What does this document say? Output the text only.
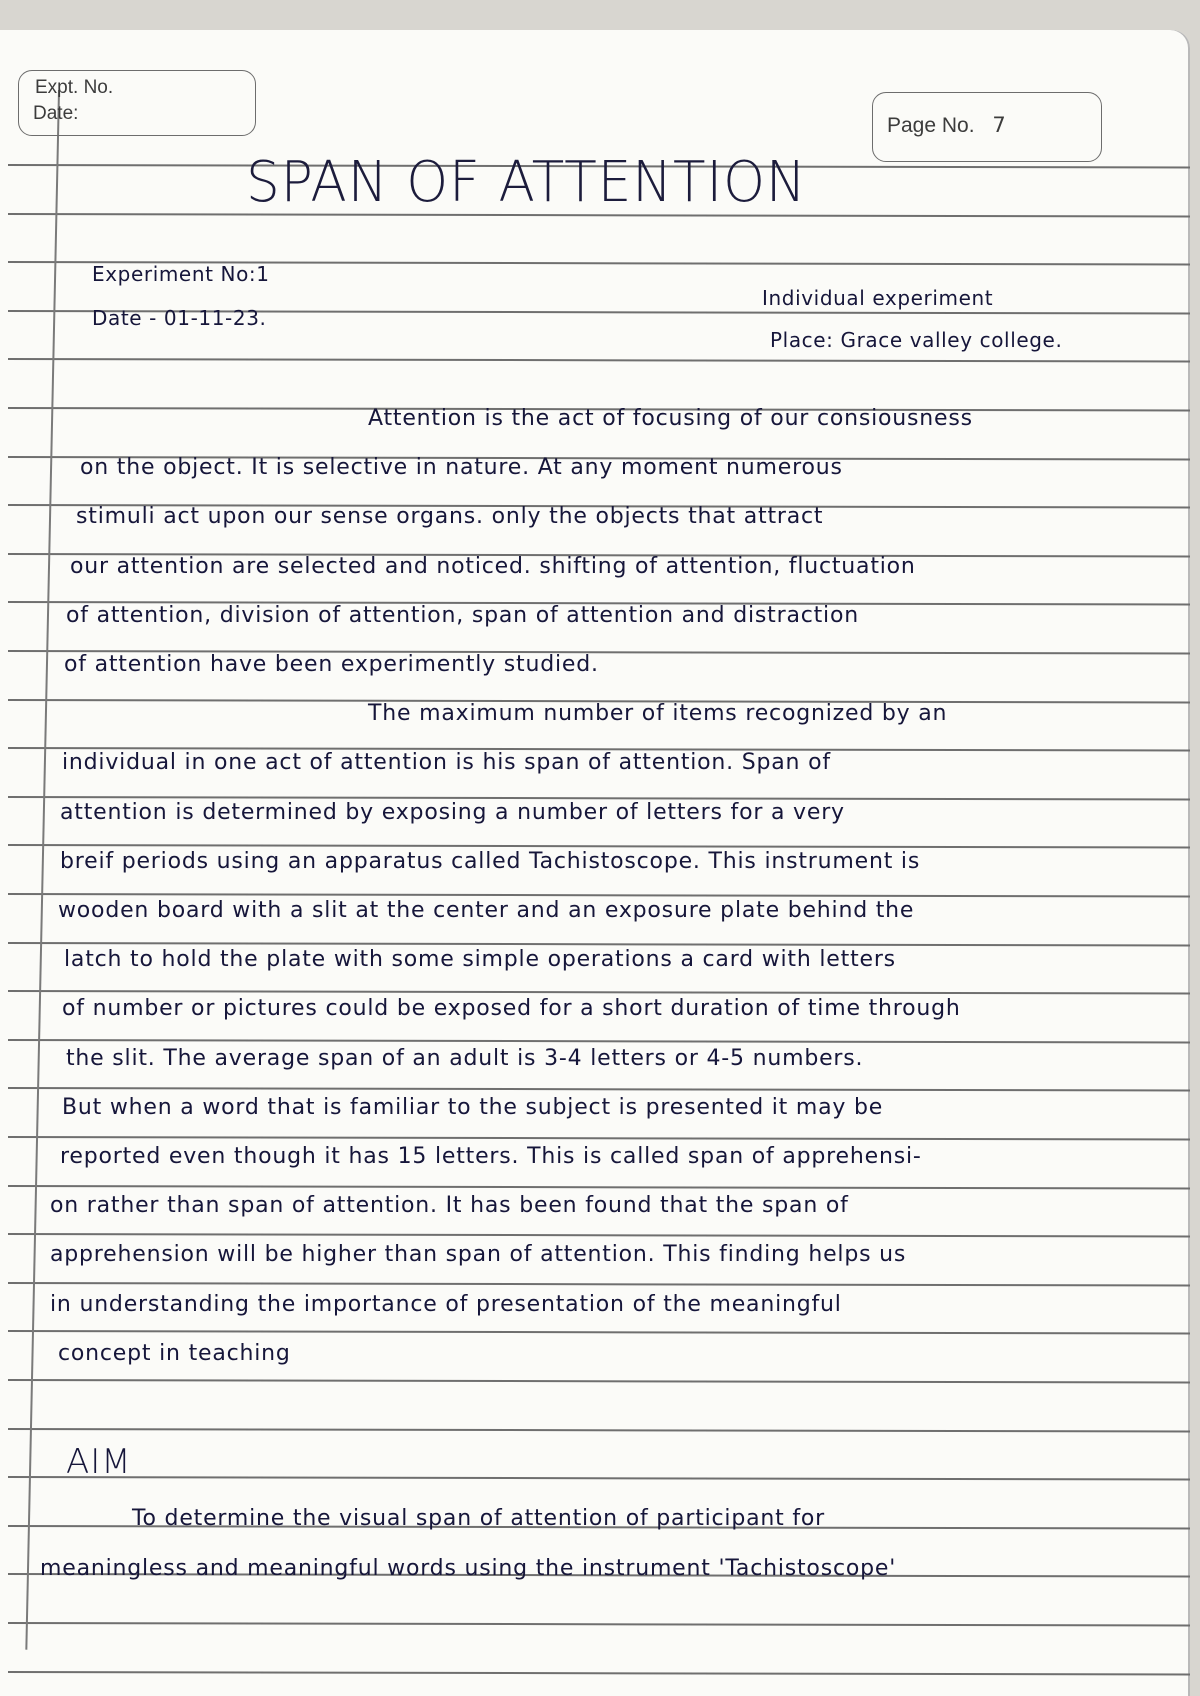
Expt. No.
Date:
Page No. 7
SPAN OF ATTENTION
Experiment No:1
Date - 01-11-23.
Individual experiment
Place: Grace valley college.
Attention is the act of focusing of our consiousness
on the object. It is selective in nature. At any moment numerous
stimuli act upon our sense organs. only the objects that attract
our attention are selected and noticed. shifting of attention, fluctuation
of attention, division of attention, span of attention and distraction
of attention have been experimently studied.
The maximum number of items recognized by an
individual in one act of attention is his span of attention. Span of
attention is determined by exposing a number of letters for a very
breif periods using an apparatus called Tachistoscope. This instrument is
wooden board with a slit at the center and an exposure plate behind the
latch to hold the plate with some simple operations a card with letters
of number or pictures could be exposed for a short duration of time through
the slit. The average span of an adult is 3-4 letters or 4-5 numbers.
But when a word that is familiar to the subject is presented it may be
reported even though it has 15 letters. This is called span of apprehensi-
on rather than span of attention. It has been found that the span of
apprehension will be higher than span of attention. This finding helps us
in understanding the importance of presentation of the meaningful
concept in teaching
AIM
To determine the visual span of attention of participant for
meaningless and meaningful words using the instrument 'Tachistoscope'
